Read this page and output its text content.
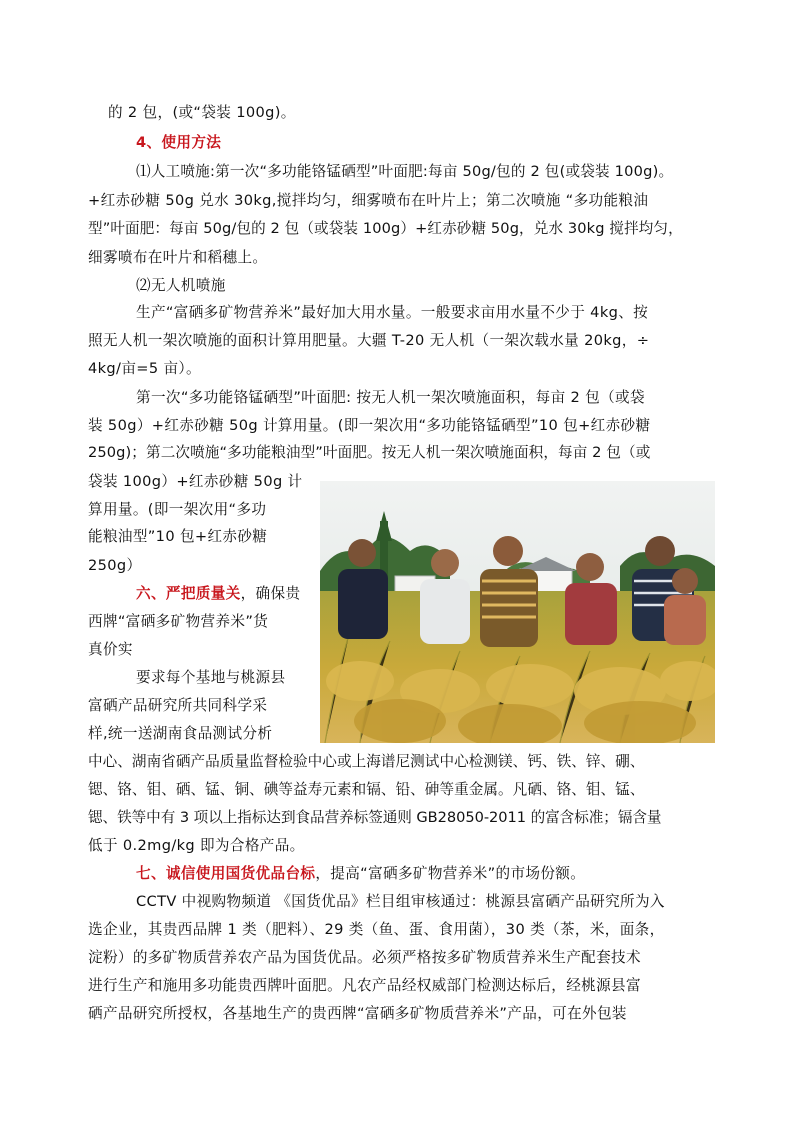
的 2 包，(或“袋装 100g)。
4、使用方法
⑴人工喷施:第一次“多功能铬锰硒型”叶面肥:每亩 50g/包的 2 包(或袋装 100g)。
+红赤砂糖 50g 兑水 30kg,搅拌均匀，细雾喷布在叶片上；第二次喷施 “多功能粮油
型”叶面肥：每亩 50g/包的 2 包（或袋装 100g）+红赤砂糖 50g，兑水 30kg 搅拌均匀，
细雾喷布在叶片和稻穗上。
⑵无人机喷施
生产“富硒多矿物营养米”最好加大用水量。一般要求亩用水量不少于 4kg、按
照无人机一架次喷施的面积计算用肥量。大疆 T-20 无人机（一架次载水量 20kg，÷
4kg/亩=5 亩）。
第一次“多功能铬锰硒型”叶面肥: 按无人机一架次喷施面积，每亩 2 包（或袋
装 50g）+红赤砂糖 50g 计算用量。(即一架次用“多功能铬锰硒型”10 包+红赤砂糖
250g)；第二次喷施“多功能粮油型”叶面肥。按无人机一架次喷施面积，每亩 2 包（或
袋装 100g）+红赤砂糖 50g 计
算用量。(即一架次用“多功
能粮油型”10 包+红赤砂糖
250g）
六、严把质量关，确保贵
西牌“富硒多矿物营养米”货
真价实
要求每个基地与桃源县
富硒产品研究所共同科学采
样,统一送湖南食品测试分析
中心、湖南省硒产品质量监督检验中心或上海谱尼测试中心检测镁、钙、铁、锌、硼、
锶、铬、钼、硒、锰、铜、碘等益寿元素和镉、铅、砷等重金属。凡硒、铬、钼、锰、
锶、铁等中有 3 项以上指标达到食品营养标签通则 GB28050-2011 的富含标准；镉含量
低于 0.2mg/kg 即为合格产品。
七、诚信使用国货优品台标，提高“富硒多矿物营养米”的市场份额。
CCTV 中视购物频道 《国货优品》栏目组审核通过：桃源县富硒产品研究所为入
选企业，其贵西品牌 1 类（肥料）、29 类（鱼、蛋、食用菌），30 类（茶，米，面条，
淀粉）的多矿物质营养农产品为国货优品。必须严格按多矿物质营养米生产配套技术
进行生产和施用多功能贵西牌叶面肥。凡农产品经权威部门检测达标后，经桃源县富
硒产品研究所授权，各基地生产的贵西牌“富硒多矿物质营养米”产品，可在外包装
